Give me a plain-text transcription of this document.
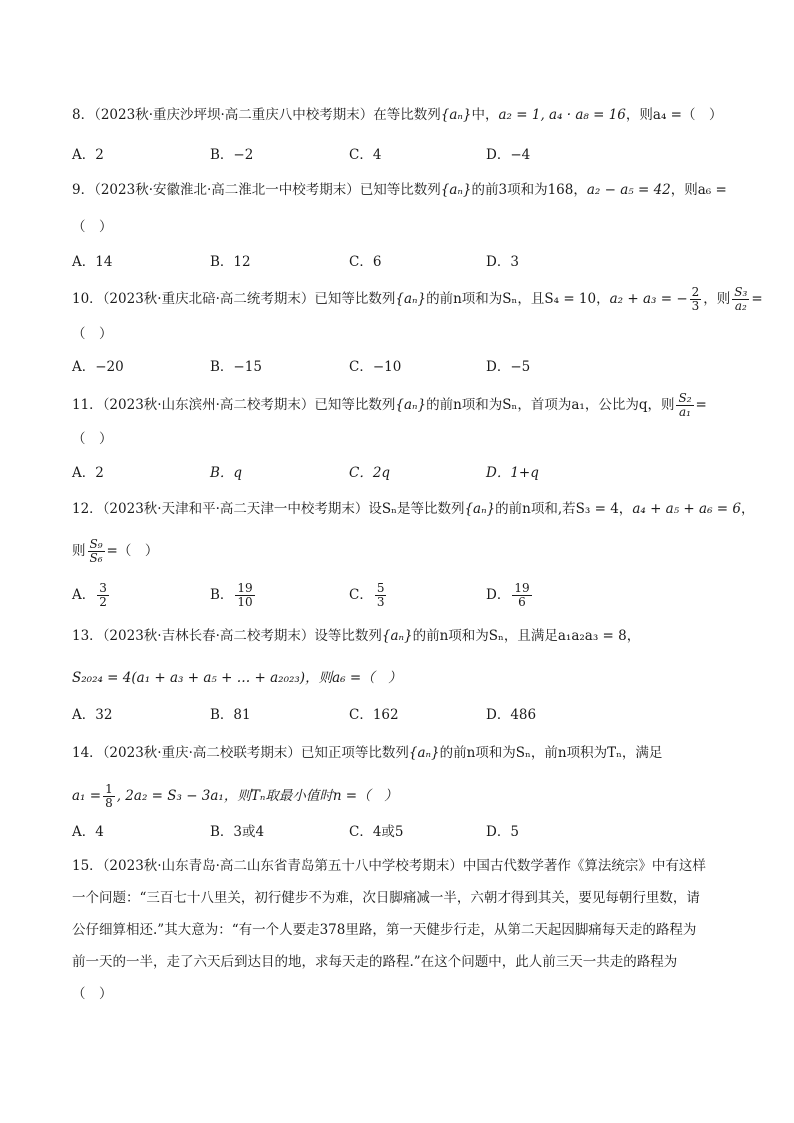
8．（2023秋·重庆沙坪坝·高二重庆八中校考期末）在等比数列{aₙ}中，a₂ = 1, a₄ · a₈ = 16，则a₄ =（　）
A．2	B．−2	C．4	D．−4
9．（2023秋·安徽淮北·高二淮北一中校考期末）已知等比数列{aₙ}的前3项和为168，a₂ − a₅ = 42，则a₆ =
（　）
A．14	B．12	C．6	D．3
10．（2023秋·重庆北碚·高二统考期末）已知等比数列{aₙ}的前n项和为Sₙ，且S₄ = 10，a₂ + a₃ = − $\frac{2}{3}$ ，则 $\frac{\text{S₃}}{\text{a₂}}$ =
（　）
A．−20	B．−15	C．−10	D．−5
11．（2023秋·山东滨州·高二校考期末）已知等比数列{aₙ}的前n项和为Sₙ，首项为a₁，公比为q，则 $\frac{\text{S₂}}{\text{a₁}}$ =
（　）
A．2	B．q	C．2q	D．1+q
12．（2023秋·天津和平·高二天津一中校考期末）设Sₙ是等比数列{aₙ}的前n项和,若S₃ = 4，a₄ + a₅ + a₆ = 6，
则 $\frac{\text{S₉}}{\text{S₆}}$ =（　）
A． $\frac{3}{2}$	B． $\frac{19}{10}$	C． $\frac{5}{3}$	D． $\frac{19}{6}$
13．（2023秋·吉林长春·高二校考期末）设等比数列{aₙ}的前n项和为Sₙ，且满足a₁a₂a₃ = 8，
S₂₀₂₄ = 4(a₁ + a₃ + a₅ + … + a₂₀₂₃)，则a₆ =（　）
A．32	B．81	C．162	D．486
14．（2023秋·重庆·高二校联考期末）已知正项等比数列{aₙ}的前n项和为Sₙ，前n项积为Tₙ，满足
$a_1 = \frac{1}{8}$ , 2a₂ = S₃ − 3a₁，则Tₙ取最小值时n =（　）
A．4	B．3或4	C．4或5	D．5
15．（2023秋·山东青岛·高二山东省青岛第五十八中学校考期末）中国古代数学著作《算法统宗》中有这样
一个问题：“三百七十八里关，初行健步不为难，次日脚痛减一半，六朝才得到其关，要见每朝行里数，请
公仔细算相还.”其大意为：“有一个人要走378里路，第一天健步行走，从第二天起因脚痛每天走的路程为
前一天的一半，走了六天后到达目的地，求每天走的路程.”在这个问题中，此人前三天一共走的路程为
（　）
